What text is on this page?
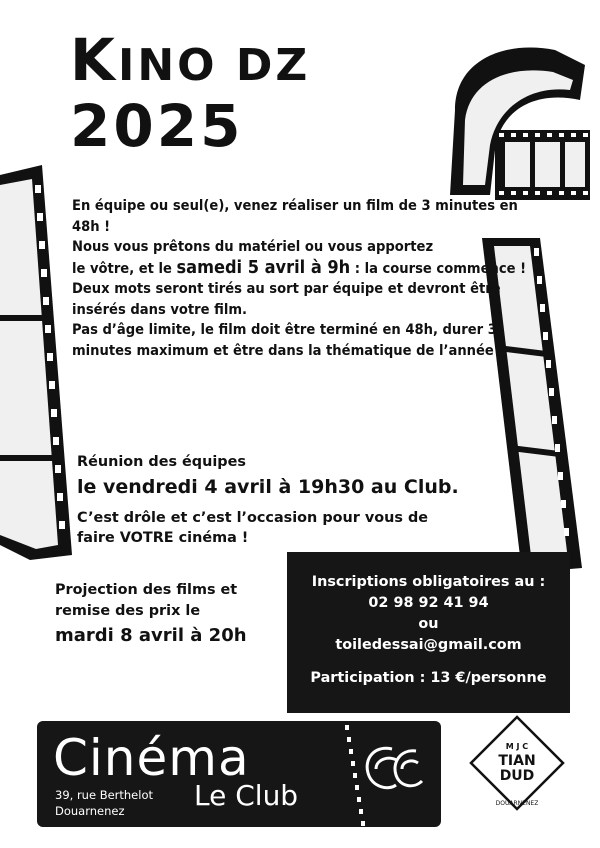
KINO DZ
2025

En équipe ou seul(e), venez réaliser un film de 3 minutes en 48h !

Nous vous prêtons du matériel ou vous apportez

le vôtre, et le samedi 5 avril à 9h : la course commence !

Deux mots seront tirés au sort par équipe et devront être insérés dans votre film.

Pas d’âge limite, le film doit être terminé en 48h, durer 3 minutes maximum et être dans la thématique de l’année !

Réunion des équipes
le vendredi 4 avril à 19h30 au Club.
C’est drôle et c’est l’occasion pour vous de
faire VOTRE cinéma !
Projection des films et
remise des prix le
mardi 8 avril à 20h
Inscriptions obligatoires au :
02 98 92 41 94
ou
toiledessai@gmail.com
Participation : 13 €/personne
Cinéma
39, rue Berthelot
Douarnenez	Le Club
M J C
TIAN
DUD
DOUARNENEZ
